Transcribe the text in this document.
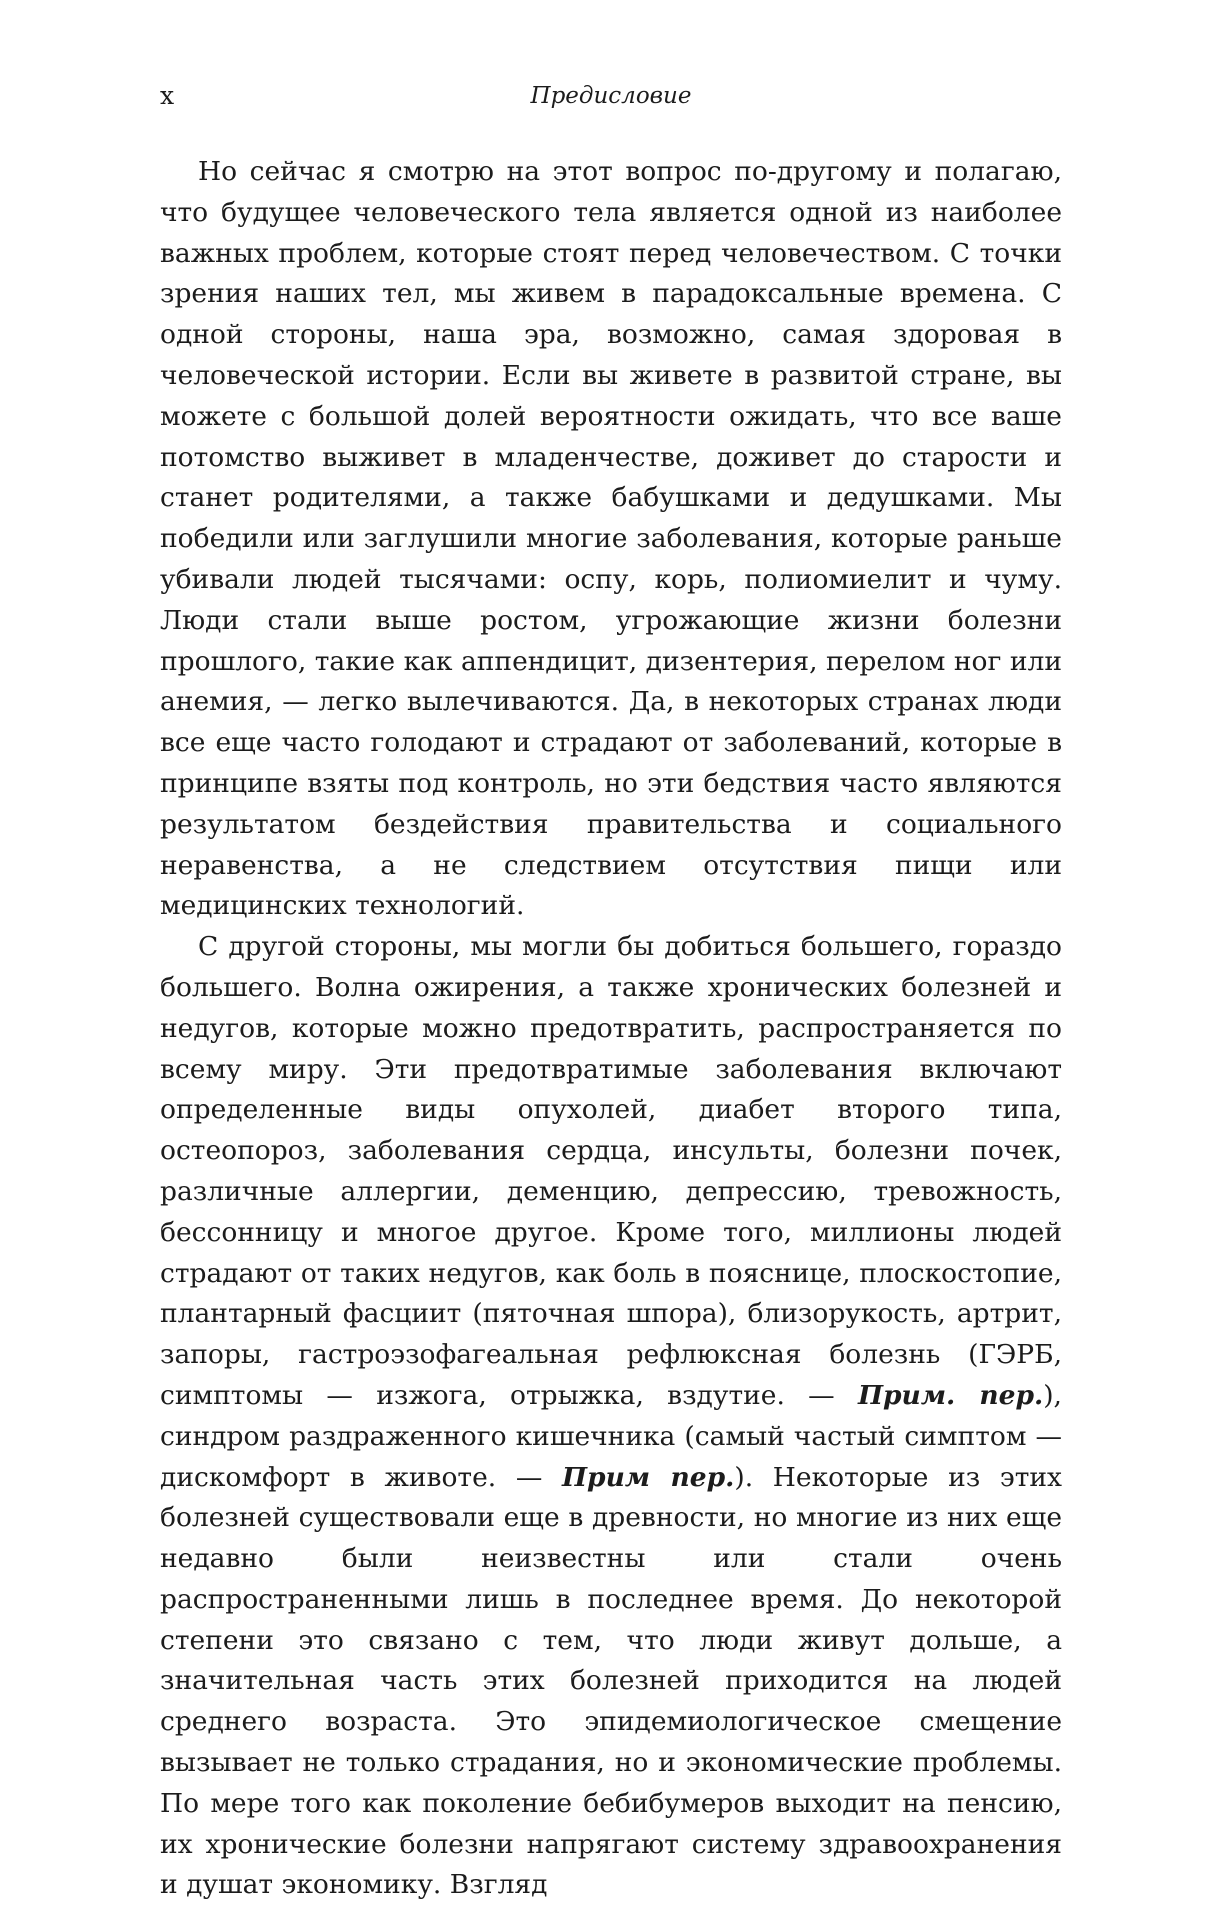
x	Предисловие

Но сейчас я смотрю на этот вопрос по-другому и полагаю, что будущее человеческого тела является одной из наиболее важных проблем, которые стоят перед человечеством. С точки зрения наших тел, мы живем в парадоксальные времена. С одной стороны, наша эра, возможно, самая здоровая в человеческой истории. Если вы живете в развитой стране, вы можете с большой долей вероятности ожидать, что все ваше потомство выживет в младенчестве, доживет до старости и станет родителями, а также бабушками и дедушками. Мы победили или заглушили многие заболевания, которые раньше убивали людей тысячами: оспу, корь, полиомиелит и чуму. Люди стали выше ростом, угрожающие жизни болезни прошлого, такие как аппендицит, дизентерия, перелом ног или анемия, — легко вылечиваются. Да, в некоторых странах люди все еще часто голодают и страдают от заболеваний, которые в принципе взяты под контроль, но эти бедствия часто являются результатом бездействия правительства и социального неравенства, а не следствием отсутствия пищи или медицинских технологий.

С другой стороны, мы могли бы добиться большего, гораздо большего. Волна ожирения, а также хронических болезней и недугов, которые можно предотвратить, распространяется по всему миру. Эти предотвратимые заболевания включают определенные виды опухолей, диабет второго типа, остеопороз, заболевания сердца, инсульты, болезни почек, различные аллергии, деменцию, депрессию, тревожность, бессонницу и многое другое. Кроме того, миллионы людей страдают от таких недугов, как боль в пояснице, плоскостопие, плантарный фасциит (пяточная шпора), близорукость, артрит, запоры, гастроэзофагеальная рефлюксная болезнь (ГЭРБ, симптомы — изжога, отрыжка, вздутие. — Прим. пер.), синдром раздраженного кишечника (самый частый симптом — дискомфорт в животе. — Прим пер.). Некоторые из этих болезней существовали еще в древности, но многие из них еще недавно были неизвестны или стали очень распространенными лишь в последнее время. До некоторой степени это связано с тем, что люди живут дольше, а значительная часть этих болезней приходится на людей среднего возраста. Это эпидемиологическое смещение вызывает не только страдания, но и экономические проблемы. По мере того как поколение бебибумеров выходит на пенсию, их хронические болезни напрягают систему здравоохранения и душат экономику. Взгляд
